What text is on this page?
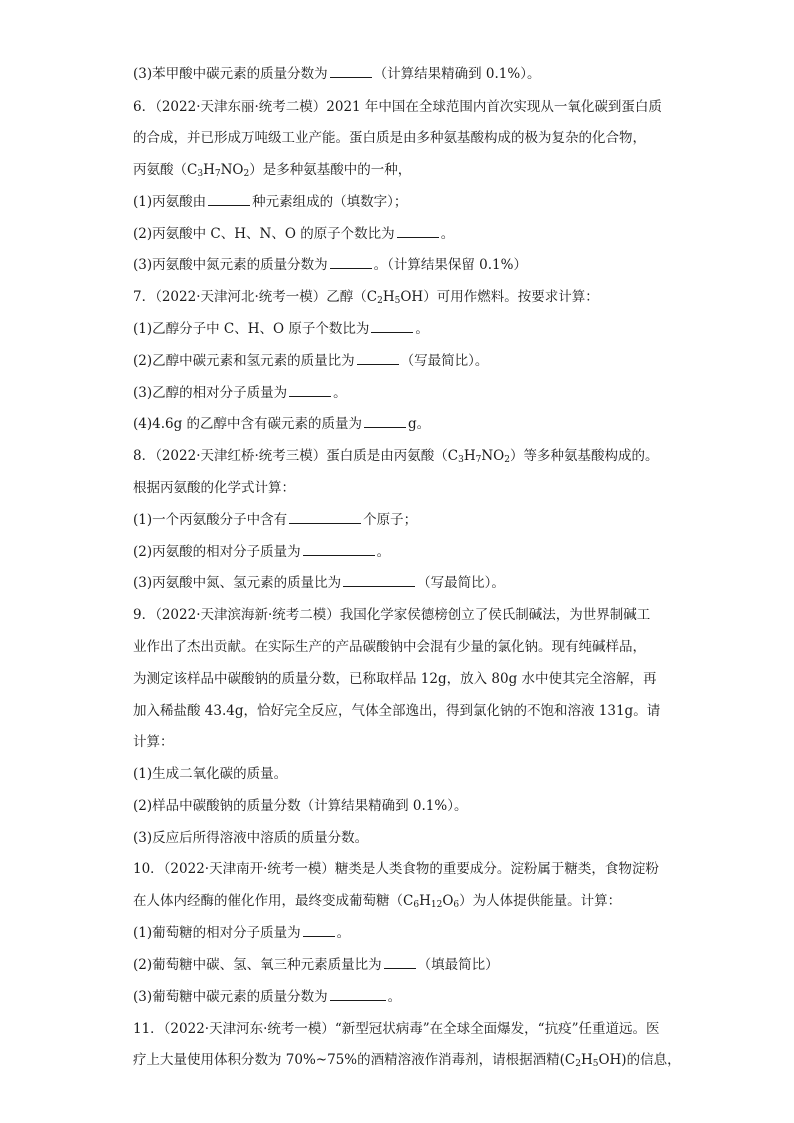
(3)苯甲酸中碳元素的质量分数为	（计算结果精确到 0.1%）。
6．（2022·天津东丽·统考二模）2021 年中国在全球范围内首次实现从一氧化碳到蛋白质
的合成，并已形成万吨级工业产能。蛋白质是由多种氨基酸构成的极为复杂的化合物，
丙氨酸$(C_3H_7NO_2)$是多种氨基酸中的一种，
(1)丙氨酸由	种元素组成的（填数字）；
(2)丙氨酸中 C、H、N、O 的原子个数比为	。
(3)丙氨酸中氮元素的质量分数为	。（计算结果保留 0.1%）
7．（2022·天津河北·统考一模）乙醇$(C_2H_5OH)$可用作燃料。按要求计算：
(1)乙醇分子中 C、H、O 原子个数比为	。
(2)乙醇中碳元素和氢元素的质量比为	（写最简比）。
(3)乙醇的相对分子质量为	。
(4)4.6g 的乙醇中含有碳元素的质量为	g。
8．（2022·天津红桥·统考三模）蛋白质是由丙氨酸$(C_3H_7NO_2)$等多种氨基酸构成的。
根据丙氨酸的化学式计算：
(1)一个丙氨酸分子中含有	个原子；
(2)丙氨酸的相对分子质量为	。
(3)丙氨酸中氮、氢元素的质量比为	（写最简比）。
9．（2022·天津滨海新·统考二模）我国化学家侯德榜创立了侯氏制碱法，为世界制碱工
业作出了杰出贡献。在实际生产的产品碳酸钠中会混有少量的氯化钠。现有纯碱样品，
为测定该样品中碳酸钠的质量分数，已称取样品 12g，放入 80g 水中使其完全溶解，再
加入稀盐酸 43.4g，恰好完全反应，气体全部逸出，得到氯化钠的不饱和溶液 131g。请
计算：
(1)生成二氧化碳的质量。
(2)样品中碳酸钠的质量分数（计算结果精确到 0.1%）。
(3)反应后所得溶液中溶质的质量分数。
10．（2022·天津南开·统考一模）糖类是人类食物的重要成分。淀粉属于糖类，食物淀粉
在人体内经酶的催化作用，最终变成葡萄糖$(C_6H_{12}O_6)$为人体提供能量。计算：
(1)葡萄糖的相对分子质量为	。
(2)葡萄糖中碳、氢、氧三种元素质量比为	（填最简比）
(3)葡萄糖中碳元素的质量分数为	。
11．（2022·天津河东·统考一模）“新型冠状病毒”在全球全面爆发，“抗疫”任重道远。医
疗上大量使用体积分数为 70%~75%的酒精溶液作消毒剂，请根据酒精$(C_2H_5OH)$的信息，
